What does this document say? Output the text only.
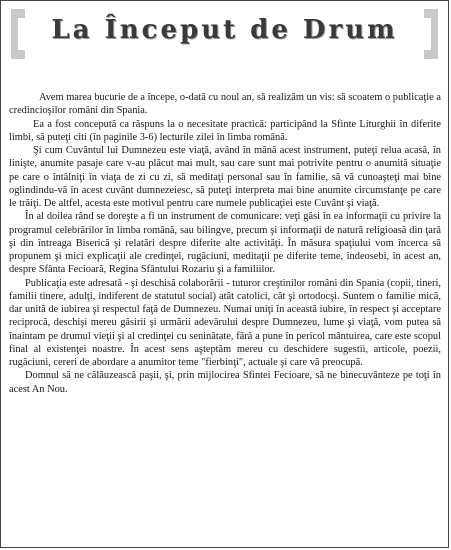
La Început de Drum

Avem marea bucurie de a începe, o-dată cu noul an, să realizăm un vis: să scoatem o publicaţie a credincioşilor români din Spania.

Ea a fost concepută ca răspuns la o necesitate practică: participând la Sfinte Liturghii în diferite limbi, să puteţi citi (în paginile 3-6) lecturile zilei în limba română.

Şi cum Cuvântul lui Dumnezeu este viaţă, având în mână acest instrument, puteţi relua acasă, în linişte, anumite pasaje care v-au plăcut mai mult, sau care sunt mai potrivite pentru o anumită situaţie pe care o întâlniţi în viaţa de zi cu zi, să meditaţi personal sau în familie, să vă cunoaşteţi mai bine oglindindu-vă în acest cuvânt dumnezeiesc, să puteţi interpreta mai bine anumite circumstanţe pe care le trăiţi. De altfel, acesta este motivul pentru care numele publicaţiei este Cuvânt şi viaţă.

În al doilea rând se doreşte a fi un instrument de comunicare: veţi găsi în ea informaţii cu privire la programul celebrărilor în limba română, sau bilingve, precum şi informaţii de natură religioasă din ţară şi din întreaga Biserică şi relatări despre diferite alte activităţi. În măsura spaţiului vom încerca să propunem şi mici explicaţii ale credinţei, rugăciuni, meditaţii pe diferite teme, îndeosebi, în acest an, despre Sfânta Fecioară, Regina Sfântului Rozariu şi a familiilor.

Publicaţia este adresată - şi deschisă colaborării - tuturor creştinilor români din Spania (copii, tineri, familii tinere, adulţi, indiferent de statutul social) atât catolici, cât şi ortodocşi. Suntem o familie mică, dar unită de iubirea şi respectul faţă de Dumnezeu. Numai uniţi în această iubire, în respect şi acceptare reciprocă, deschişi mereu găsirii şi urmării adevărului despre Dumnezeu, lume şi viaţă, vom putea să înaintam pe drumul vieţii şi al credinţei cu seninătate, fără a pune în pericol mântuirea, care este scopul final al existenţei noastre. În acest sens aşteptăm mereu cu deschidere sugestii, articole, poezii, rugăciuni, cereri de abordare a anumitor teme "fierbinţi", actuale şi care vă preocupă.

Domnul să ne călăuzească paşii, şi, prin mijlocirea Sfintei Fecioare, să ne binecuvânteze pe toţi în acest An Nou.
